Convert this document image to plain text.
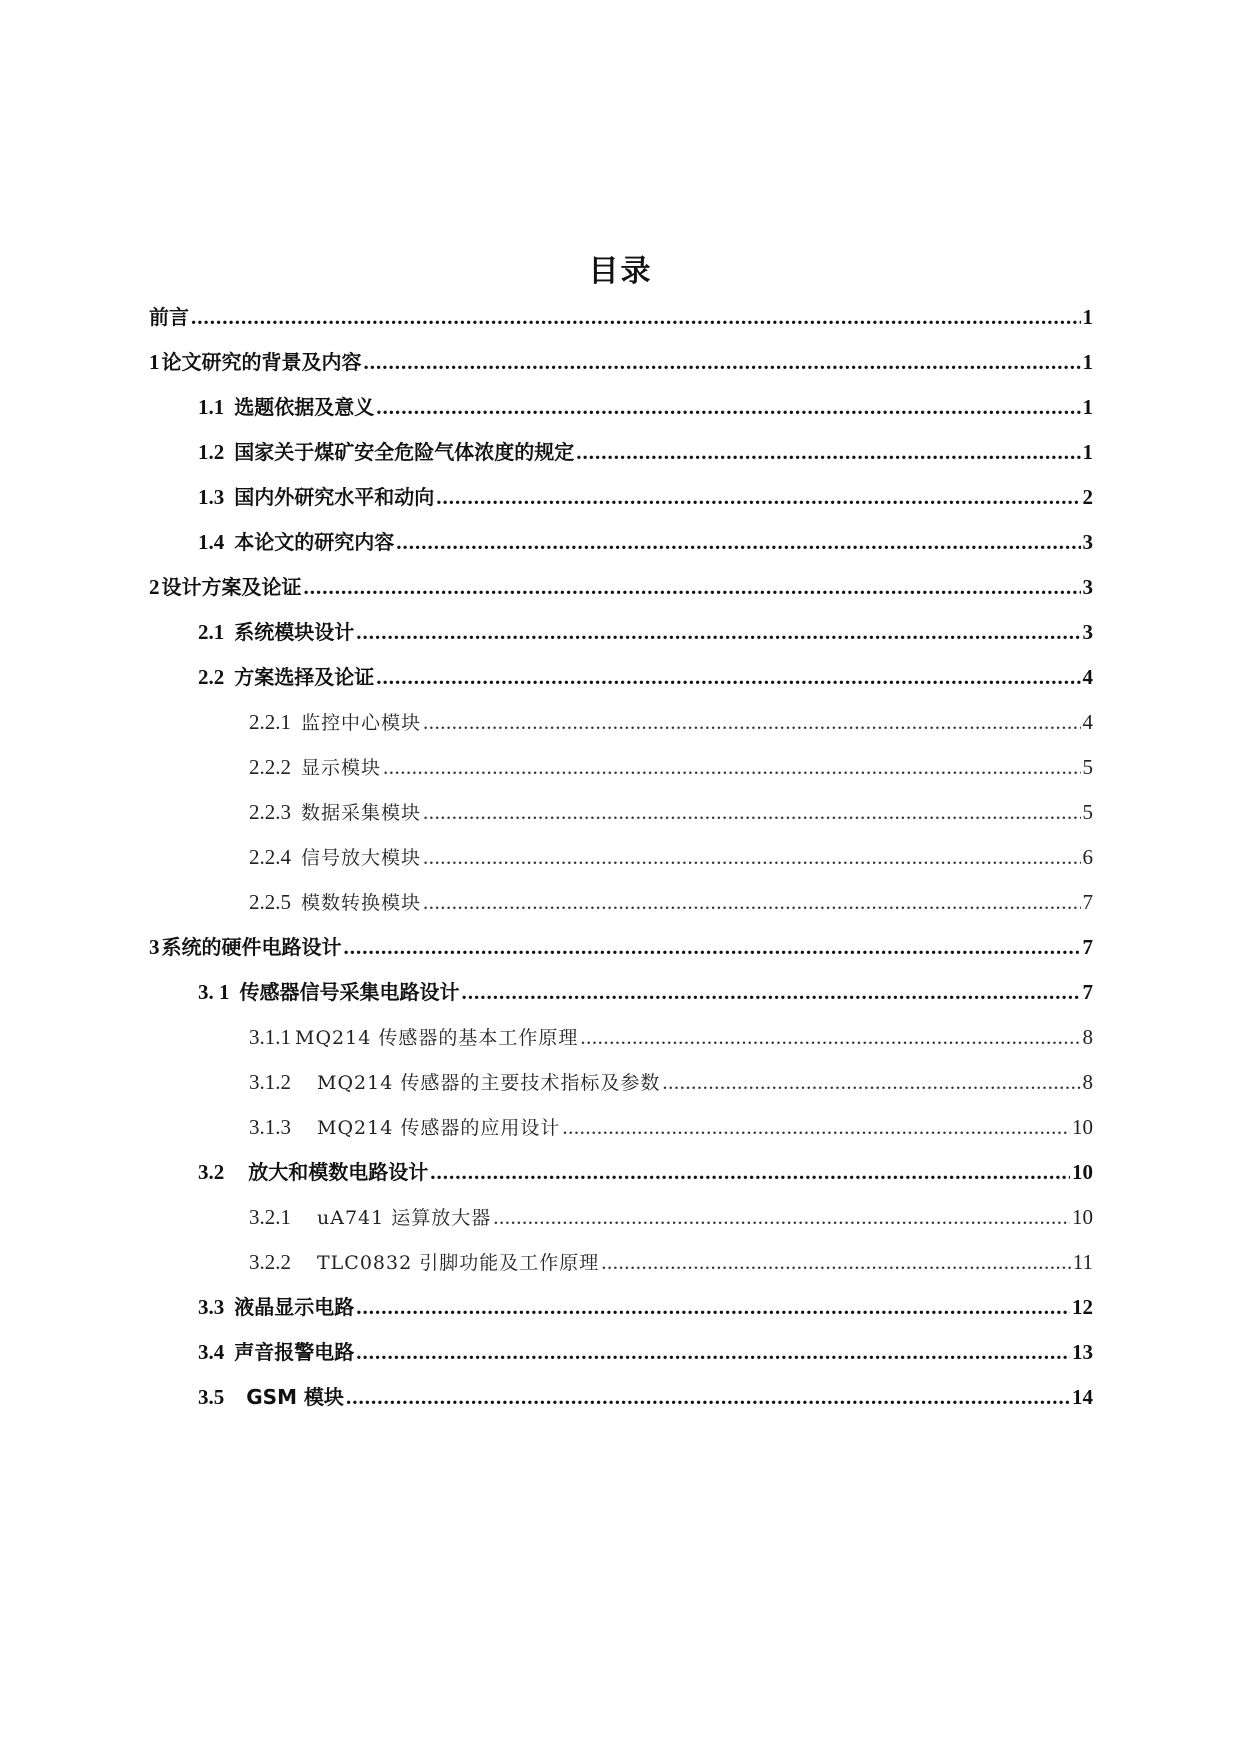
目录
前言 .....	1
1 论文研究的背景及内容 .....	1
1.1 选题依据及意义 .....	1
1.2 国家关于煤矿安全危险气体浓度的规定 .....	1
1.3 国内外研究水平和动向 .....	2
1.4 本论文的研究内容 .....	3
2 设计方案及论证 .....	3
2.1 系统模块设计 .....	3
2.2 方案选择及论证 .....	4
2.2.1 监控中心模块 .....	4
2.2.2 显示模块 .....	5
2.2.3 数据采集模块 .....	5
2.2.4 信号放大模块 .....	6
2.2.5 模数转换模块 .....	7
3 系统的硬件电路设计 .....	7
3. 1 传感器信号采集电路设计 .....	7
3.1.1 MQ214 传感器的基本工作原理 .....	8
3.1.2 MQ214 传感器的主要技术指标及参数 .....	8
3.1.3 MQ214 传感器的应用设计 .....	10
3.2 放大和模数电路设计 .....	10
3.2.1 uA741 运算放大器 .....	10
3.2.2 TLC0832 引脚功能及工作原理 .....	11
3.3 液晶显示电路 .....	12
3.4 声音报警电路 .....	13
3.5 GSM 模块 .....	14
